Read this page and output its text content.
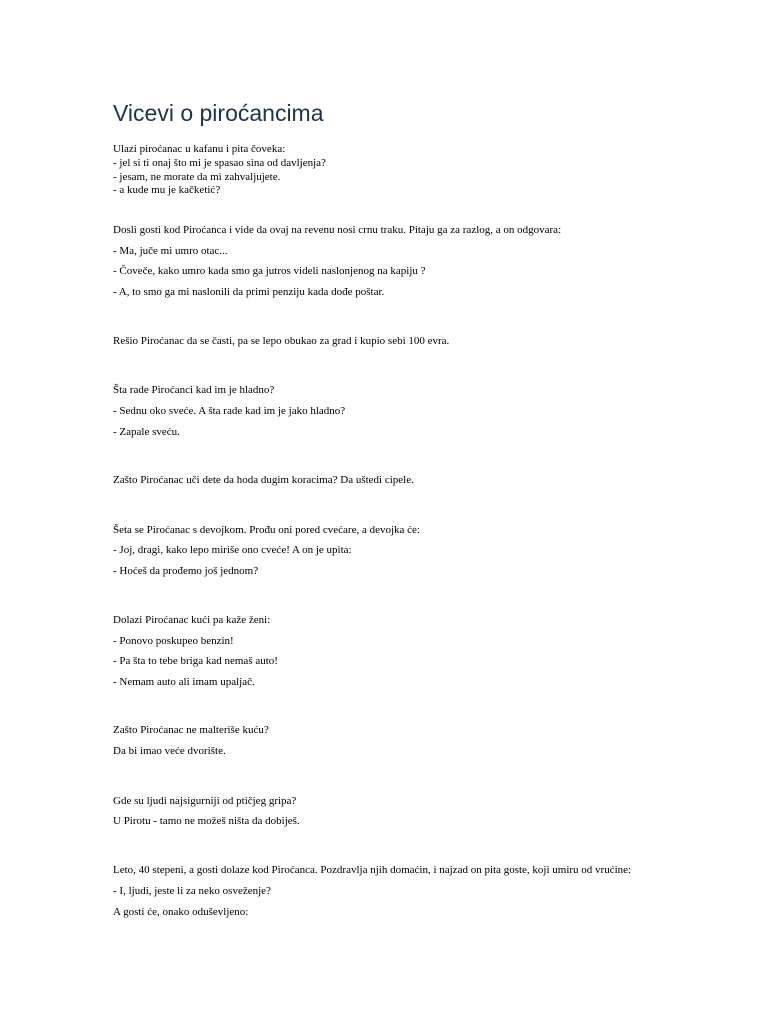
Vicevi o piroćancima

Ulazi piroćanac u kafanu i pita čoveka:

- jel si ti onaj što mi je spasao sina od davljenja?

- jesam, ne morate da mi zahvaljujete.

- a kude mu je kačketić?

Dosli gosti kod Piroćanca i vide da ovaj na revenu nosi crnu traku. Pitaju ga za razlog, a on odgovara:

- Ma, juče mi umro otac...

- Čoveče, kako umro kada smo ga jutros videli naslonjenog na kapiju ?

- A, to smo ga mi naslonili da primi penziju kada dođe poštar.

Rešio Piroćanac da se časti, pa se lepo obukao za grad i kupio sebi 100 evra.

Šta rade Piroćanci kad im je hladno?

- Sednu oko sveće. A šta rade kad im je jako hladno?

- Zapale sveću.

Zašto Piroćanac uči dete da hoda dugim koracima? Da uštedi cipele.

Šeta se Piroćanac s devojkom. Prođu oni pored cvećare, a devojka će:

- Joj, dragi, kako lepo miriše ono cveće! A on je upita:

- Hoćeš da prođemo još jednom?

Dolazi Piroćanac kući pa kaže ženi:

- Ponovo poskupeo benzin!

- Pa šta to tebe briga kad nemaš auto!

- Nemam auto ali imam upaljač.

Zašto Piroćanac ne malteriše kuću?

Da bi imao veće dvorište.

Gde su ljudi najsigurniji od ptičjeg gripa?

U Pirotu - tamo ne možeš ništa da dobiješ.

Leto, 40 stepeni, a gosti dolaze kod Piroćanca. Pozdravlja njih domaćin, i najzad on pita goste, koji umiru od vrućine:

- I, ljudi, jeste li za neko osveženje?

A gosti će, onako oduševljeno:
